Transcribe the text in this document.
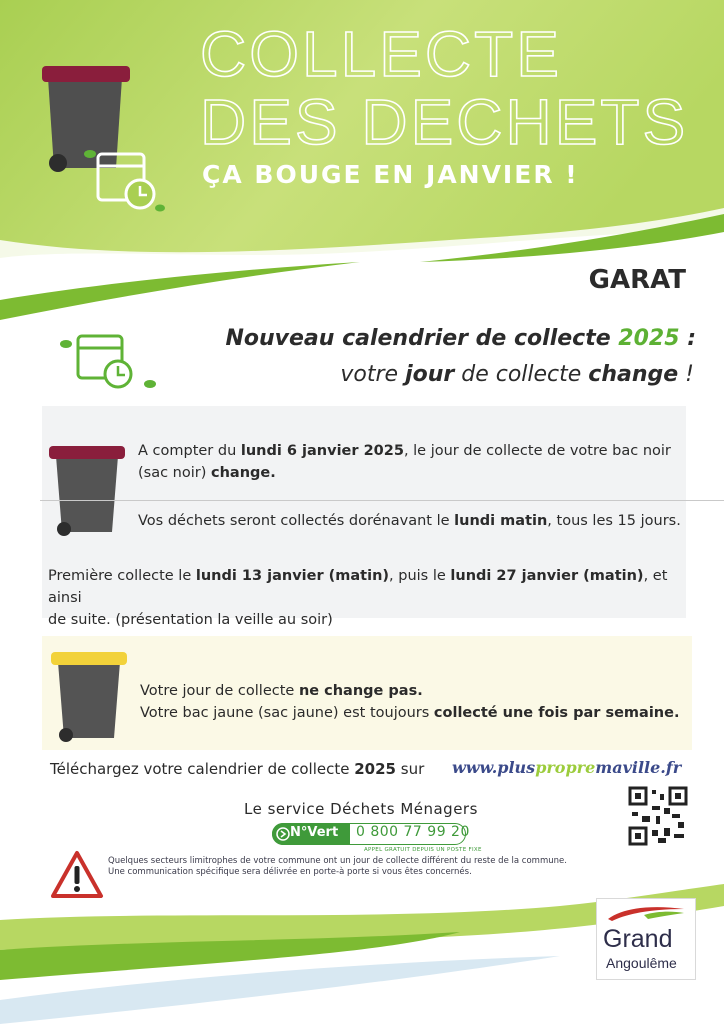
COLLECTE
DES DECHETS
ÇA BOUGE EN JANVIER !
GARAT
Nouveau calendrier de collecte 2025 :
votre jour de collecte change !
A compter du lundi 6 janvier 2025, le jour de collecte de votre bac noir
(sac noir) change.
Vos déchets seront collectés dorénavant le lundi matin, tous les 15 jours.
Première collecte le lundi 13 janvier (matin), puis le lundi 27 janvier (matin), et ainsi
de suite. (présentation la veille au soir)
Votre jour de collecte ne change pas.
Votre bac jaune (sac jaune) est toujours collecté une fois par semaine.
Téléchargez votre calendrier de collecte 2025 sur www.pluspropremaville.fr
Le service Déchets Ménagers
N°Vert 0 800 77 99 20
APPEL GRATUIT DEPUIS UN POSTE FIXE
Quelques secteurs limitrophes de votre commune ont un jour de collecte différent du reste de la commune.
Une communication spécifique sera délivrée en porte-à porte si vous êtes concernés.
Grand
Angoulême
